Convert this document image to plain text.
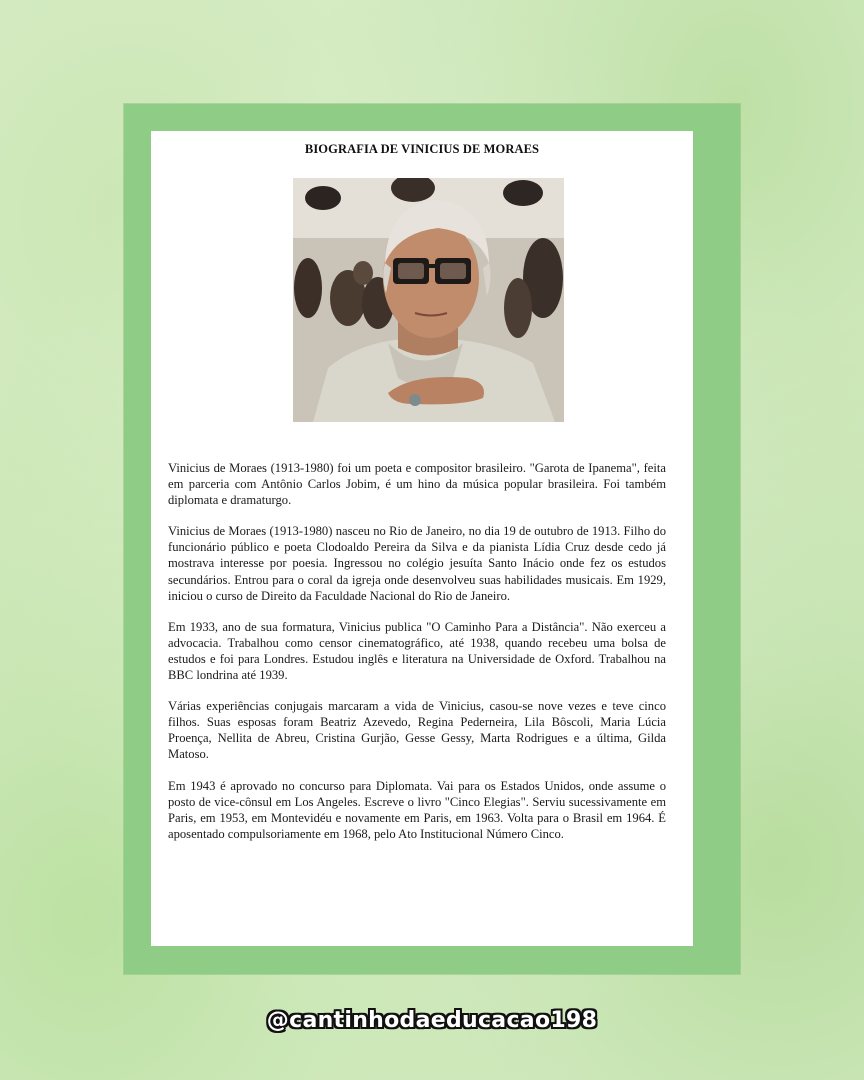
BIOGRAFIA DE VINICIUS DE MORAES

Vinicius de Moraes (1913-1980) foi um poeta e compositor brasileiro. "Garota de Ipanema", feita em parceria com Antônio Carlos Jobim, é um hino da música popular brasileira. Foi também diplomata e dramaturgo.

Vinicius de Moraes (1913-1980) nasceu no Rio de Janeiro, no dia 19 de outubro de 1913. Filho do funcionário público e poeta Clodoaldo Pereira da Silva e da pianista Lídia Cruz desde cedo já mostrava interesse por poesia. Ingressou no colégio jesuíta Santo Inácio onde fez os estudos secundários. Entrou para o coral da igreja onde desenvolveu suas habilidades musicais. Em 1929, iniciou o curso de Direito da Faculdade Nacional do Rio de Janeiro.

Em 1933, ano de sua formatura, Vinicius publica "O Caminho Para a Distância". Não exerceu a advocacia. Trabalhou como censor cinematográfico, até 1938, quando recebeu uma bolsa de estudos e foi para Londres. Estudou inglês e literatura na Universidade de Oxford. Trabalhou na BBC londrina até 1939.

Várias experiências conjugais marcaram a vida de Vinicius, casou-se nove vezes e teve cinco filhos. Suas esposas foram Beatriz Azevedo, Regina Pederneira, Lila Bôscoli, Maria Lúcia Proença, Nellita de Abreu, Cristina Gurjão, Gesse Gessy, Marta Rodrigues e a última, Gilda Matoso.

Em 1943 é aprovado no concurso para Diplomata. Vai para os Estados Unidos, onde assume o posto de vice-cônsul em Los Angeles. Escreve o livro "Cinco Elegias". Serviu sucessivamente em Paris, em 1953, em Montevidéu e novamente em Paris, em 1963. Volta para o Brasil em 1964. É aposentado compulsoriamente em 1968, pelo Ato Institucional Número Cinco.

@cantinhodaeducacao198
